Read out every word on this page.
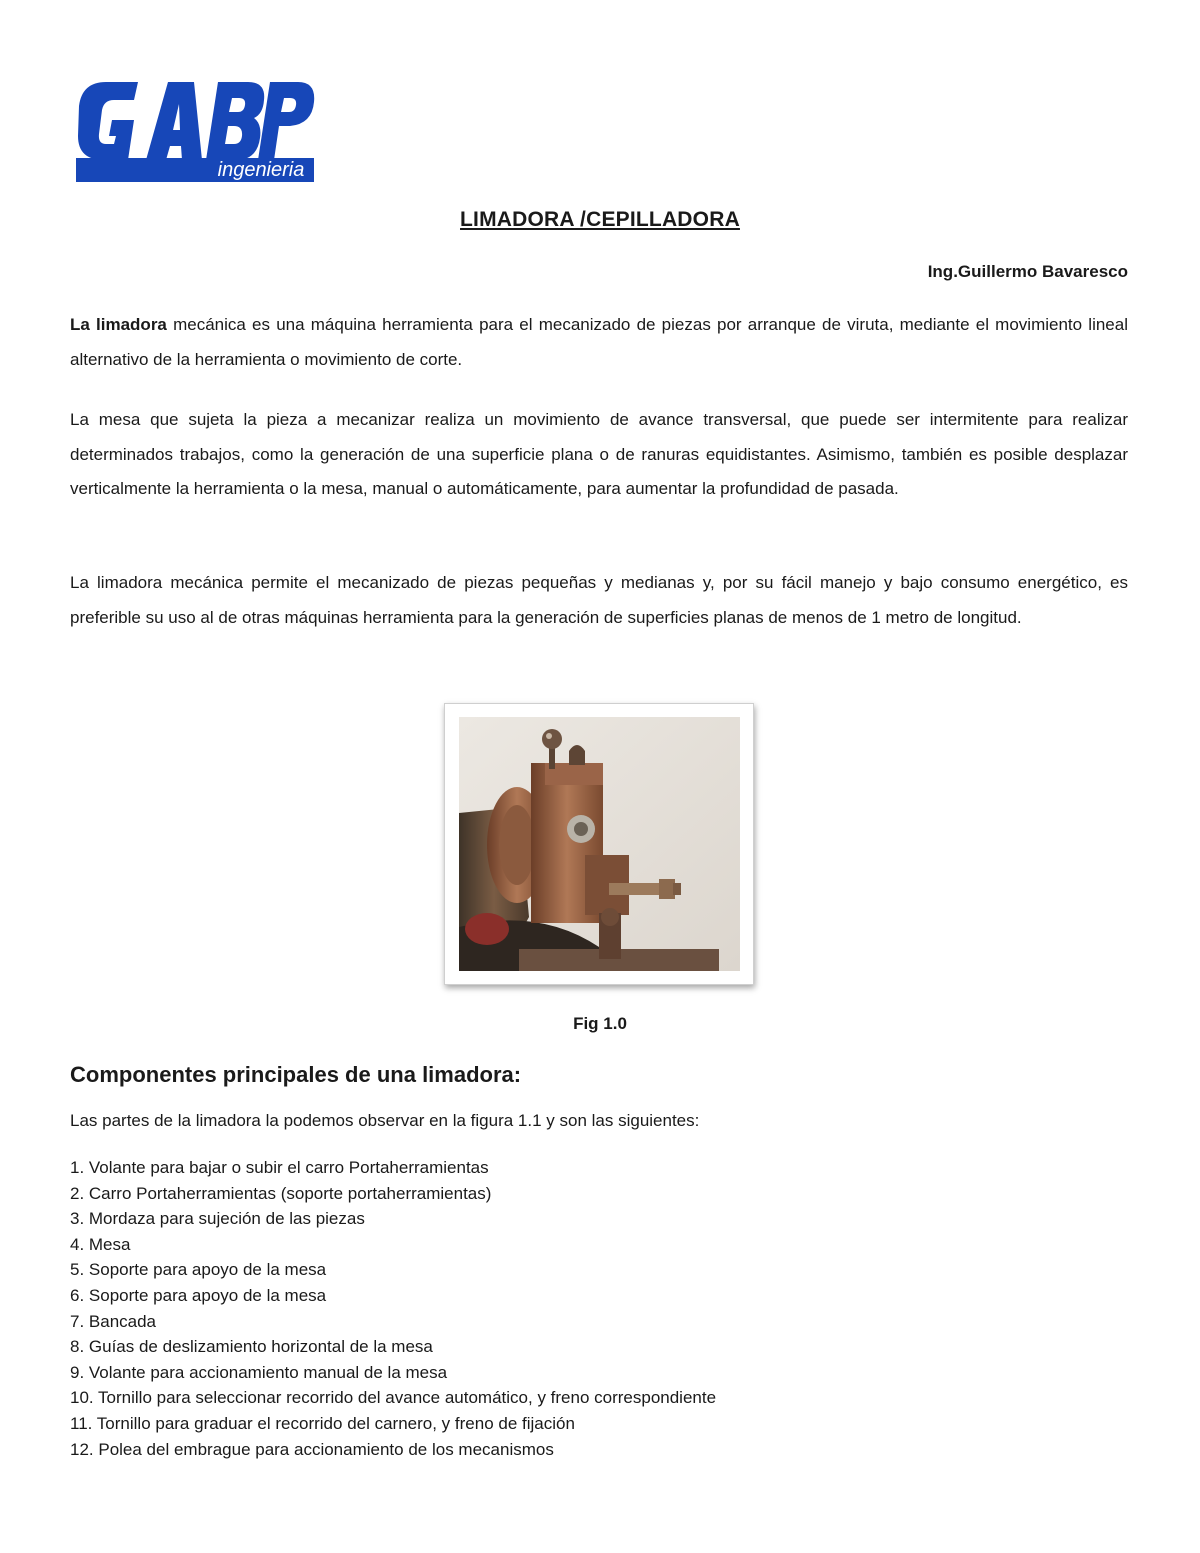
ingenieria
LIMADORA /CEPILLADORA
Ing.Guillermo Bavaresco

La limadora mecánica es una máquina herramienta para el mecanizado de piezas por arranque de viruta, mediante el movimiento lineal alternativo de la herramienta o movimiento de corte.

La mesa que sujeta la pieza a mecanizar realiza un movimiento de avance transversal, que puede ser intermitente para realizar determinados trabajos, como la generación de una superficie plana o de ranuras equidistantes. Asimismo, también es posible desplazar verticalmente la herramienta o la mesa, manual o automáticamente, para aumentar la profundidad de pasada.

La limadora mecánica permite el mecanizado de piezas pequeñas y medianas y, por su fácil manejo y bajo consumo energético, es preferible su uso al de otras máquinas herramienta para la generación de superficies planas de menos de 1 metro de longitud.

Fig 1.0
Componentes principales de una limadora:

Las partes de la limadora la podemos observar en la figura 1.1 y son las siguientes:

1. Volante para bajar o subir el carro Portaherramientas
2. Carro Portaherramientas (soporte portaherramientas)
3. Mordaza para sujeción de las piezas
4. Mesa
5. Soporte para apoyo de la mesa
6. Soporte para apoyo de la mesa
7. Bancada
8. Guías de deslizamiento horizontal de la mesa
9. Volante para accionamiento manual de la mesa
10. Tornillo para seleccionar recorrido del avance automático, y freno correspondiente
11. Tornillo para graduar el recorrido del carnero, y freno de fijación
12. Polea del embrague para accionamiento de los mecanismos
